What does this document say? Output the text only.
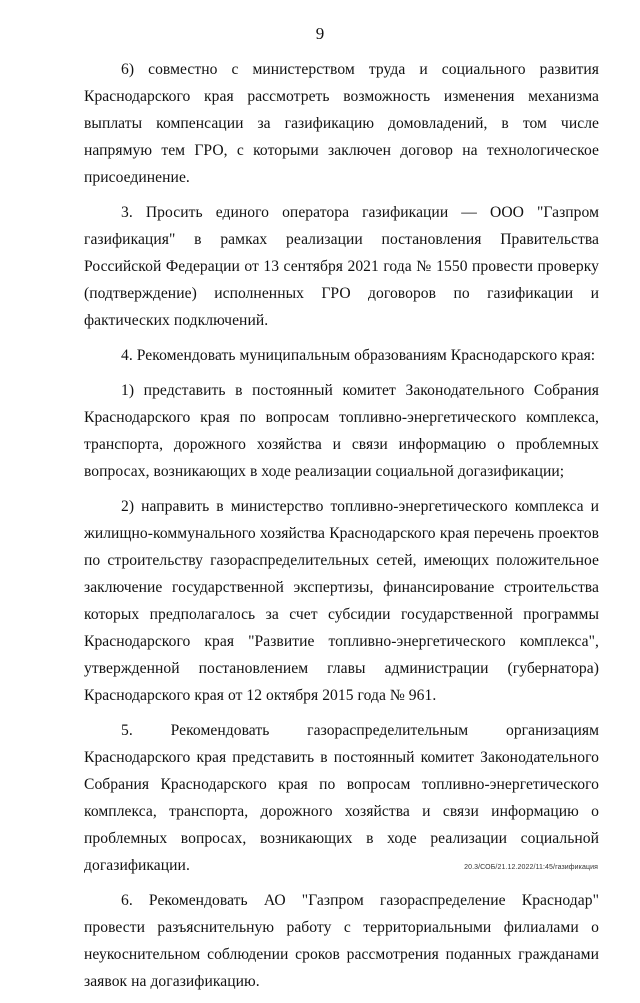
9

6) совместно с министерством труда и социального развития Краснодарского края рассмотреть возможность изменения механизма выплаты компенсации за газификацию домовладений, в том числе напрямую тем ГРО, с которыми заключен договор на технологическое присоединение.

3. Просить единого оператора газификации — ООО "Газпром газификация" в рамках реализации постановления Правительства Российской Федерации от 13 сентября 2021 года № 1550 провести проверку (подтверждение) исполненных ГРО договоров по газификации и фактических подключений.

4. Рекомендовать муниципальным образованиям Краснодарского края:

1) представить в постоянный комитет Законодательного Собрания Краснодарского края по вопросам топливно-энергетического комплекса, транспорта, дорожного хозяйства и связи информацию о проблемных вопросах, возникающих в ходе реализации социальной догазификации;

2) направить в министерство топливно-энергетического комплекса и жилищно-коммунального хозяйства Краснодарского края перечень проектов по строительству газораспределительных сетей, имеющих положительное заключение государственной экспертизы, финансирование строительства которых предполагалось за счет субсидии государственной программы Краснодарского края "Развитие топливно-энергетического комплекса", утвержденной постановлением главы администрации (губернатора) Краснодарского края от 12 октября 2015 года № 961.

5. Рекомендовать газораспределительным организациям Краснодарского края представить в постоянный комитет Законодательного Собрания Краснодарского края по вопросам топливно-энергетического комплекса, транспорта, дорожного хозяйства и связи информацию о проблемных вопросах, возникающих в ходе реализации социальной догазификации.

6. Рекомендовать АО "Газпром газораспределение Краснодар" провести разъяснительную работу с территориальными филиалами о неукоснительном соблюдении сроков рассмотрения поданных гражданами заявок на догазификацию.

20.3/СОБ/21.12.2022/11:45/газификация
